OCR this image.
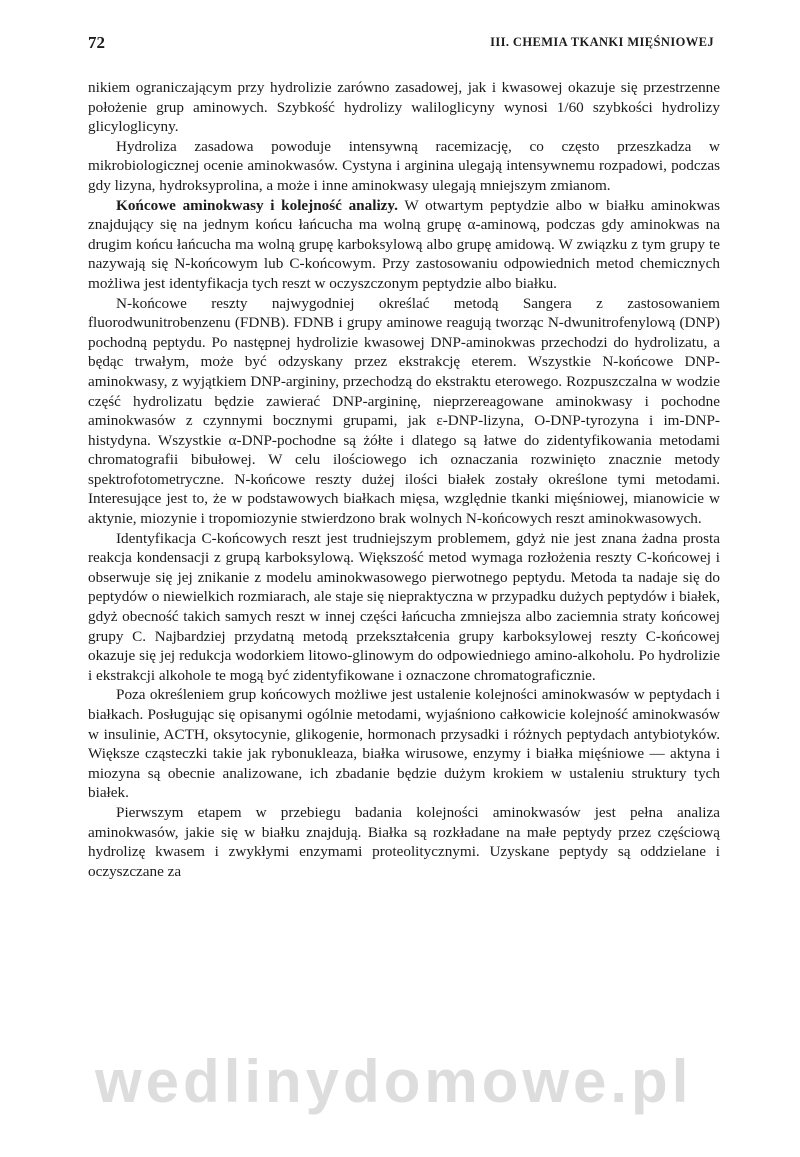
72	III. CHEMIA TKANKI MIĘŚNIOWEJ

nikiem ograniczającym przy hydrolizie zarówno zasadowej, jak i kwasowej okazuje się przestrzenne położenie grup aminowych. Szybkość hydrolizy waliloglicyny wynosi 1/60 szybkości hydrolizy glicyloglicyny.

Hydroliza zasadowa powoduje intensywną racemizację, co często przeszkadza w mikrobiologicznej ocenie aminokwasów. Cystyna i arginina ulegają intensywnemu rozpadowi, podczas gdy lizyna, hydroksyprolina, a może i inne aminokwasy ulegają mniejszym zmianom.

Końcowe aminokwasy i kolejność analizy. W otwartym peptydzie albo w białku aminokwas znajdujący się na jednym końcu łańcucha ma wolną grupę α-aminową, podczas gdy aminokwas na drugim końcu łańcucha ma wolną grupę karboksylową albo grupę amidową. W związku z tym grupy te nazywają się N-końcowym lub C-końcowym. Przy zastosowaniu odpowiednich metod chemicznych możliwa jest identyfikacja tych reszt w oczyszczonym peptydzie albo białku.

N-końcowe reszty najwygodniej określać metodą Sangera z zastosowaniem fluorodwunitrobenzenu (FDNB). FDNB i grupy aminowe reagują tworząc N-dwunitrofenylową (DNP) pochodną peptydu. Po następnej hydrolizie kwasowej DNP-aminokwas przechodzi do hydrolizatu, a będąc trwałym, może być odzyskany przez ekstrakcję eterem. Wszystkie N-końcowe DNP-aminokwasy, z wyjątkiem DNP-argininy, przechodzą do ekstraktu eterowego. Rozpuszczalna w wodzie część hydrolizatu będzie zawierać DNP-argininę, nieprzereagowane aminokwasy i pochodne aminokwasów z czynnymi bocznymi grupami, jak ε-DNP-lizyna, O-DNP-tyrozyna i im-DNP-histydyna. Wszystkie α-DNP-pochodne są żółte i dlatego są łatwe do zidentyfikowania metodami chromatografii bibułowej. W celu ilościowego ich oznaczania rozwinięto znacznie metody spektrofotometryczne. N-końcowe reszty dużej ilości białek zostały określone tymi metodami. Interesujące jest to, że w podstawowych białkach mięsa, względnie tkanki mięśniowej, mianowicie w aktynie, miozynie i tropomiozynie stwierdzono brak wolnych N-końcowych reszt aminokwasowych.

Identyfikacja C-końcowych reszt jest trudniejszym problemem, gdyż nie jest znana żadna prosta reakcja kondensacji z grupą karboksylową. Większość metod wymaga rozłożenia reszty C-końcowej i obserwuje się jej znikanie z modelu aminokwasowego pierwotnego peptydu. Metoda ta nadaje się do peptydów o niewielkich rozmiarach, ale staje się niepraktyczna w przypadku dużych peptydów i białek, gdyż obecność takich samych reszt w innej części łańcucha zmniejsza albo zaciemnia straty końcowej grupy C. Najbardziej przydatną metodą przekształcenia grupy karboksylowej reszty C-końcowej okazuje się jej redukcja wodorkiem litowo-glinowym do odpowiedniego amino-alkoholu. Po hydrolizie i ekstrakcji alkohole te mogą być zidentyfikowane i oznaczone chromatograficznie.

Poza określeniem grup końcowych możliwe jest ustalenie kolejności aminokwasów w peptydach i białkach. Posługując się opisanymi ogólnie metodami, wyjaśniono całkowicie kolejność aminokwasów w insulinie, ACTH, oksytocynie, glikogenie, hormonach przysadki i różnych peptydach antybiotyków. Większe cząsteczki takie jak rybonukleaza, białka wirusowe, enzymy i białka mięśniowe — aktyna i miozyna są obecnie analizowane, ich zbadanie będzie dużym krokiem w ustaleniu struktury tych białek.

Pierwszym etapem w przebiegu badania kolejności aminokwasów jest pełna analiza aminokwasów, jakie się w białku znajdują. Białka są rozkładane na małe peptydy przez częściową hydrolizę kwasem i zwykłymi enzymami proteolitycznymi. Uzyskane peptydy są oddzielane i oczyszczane za

wedlinydomowe.pl
